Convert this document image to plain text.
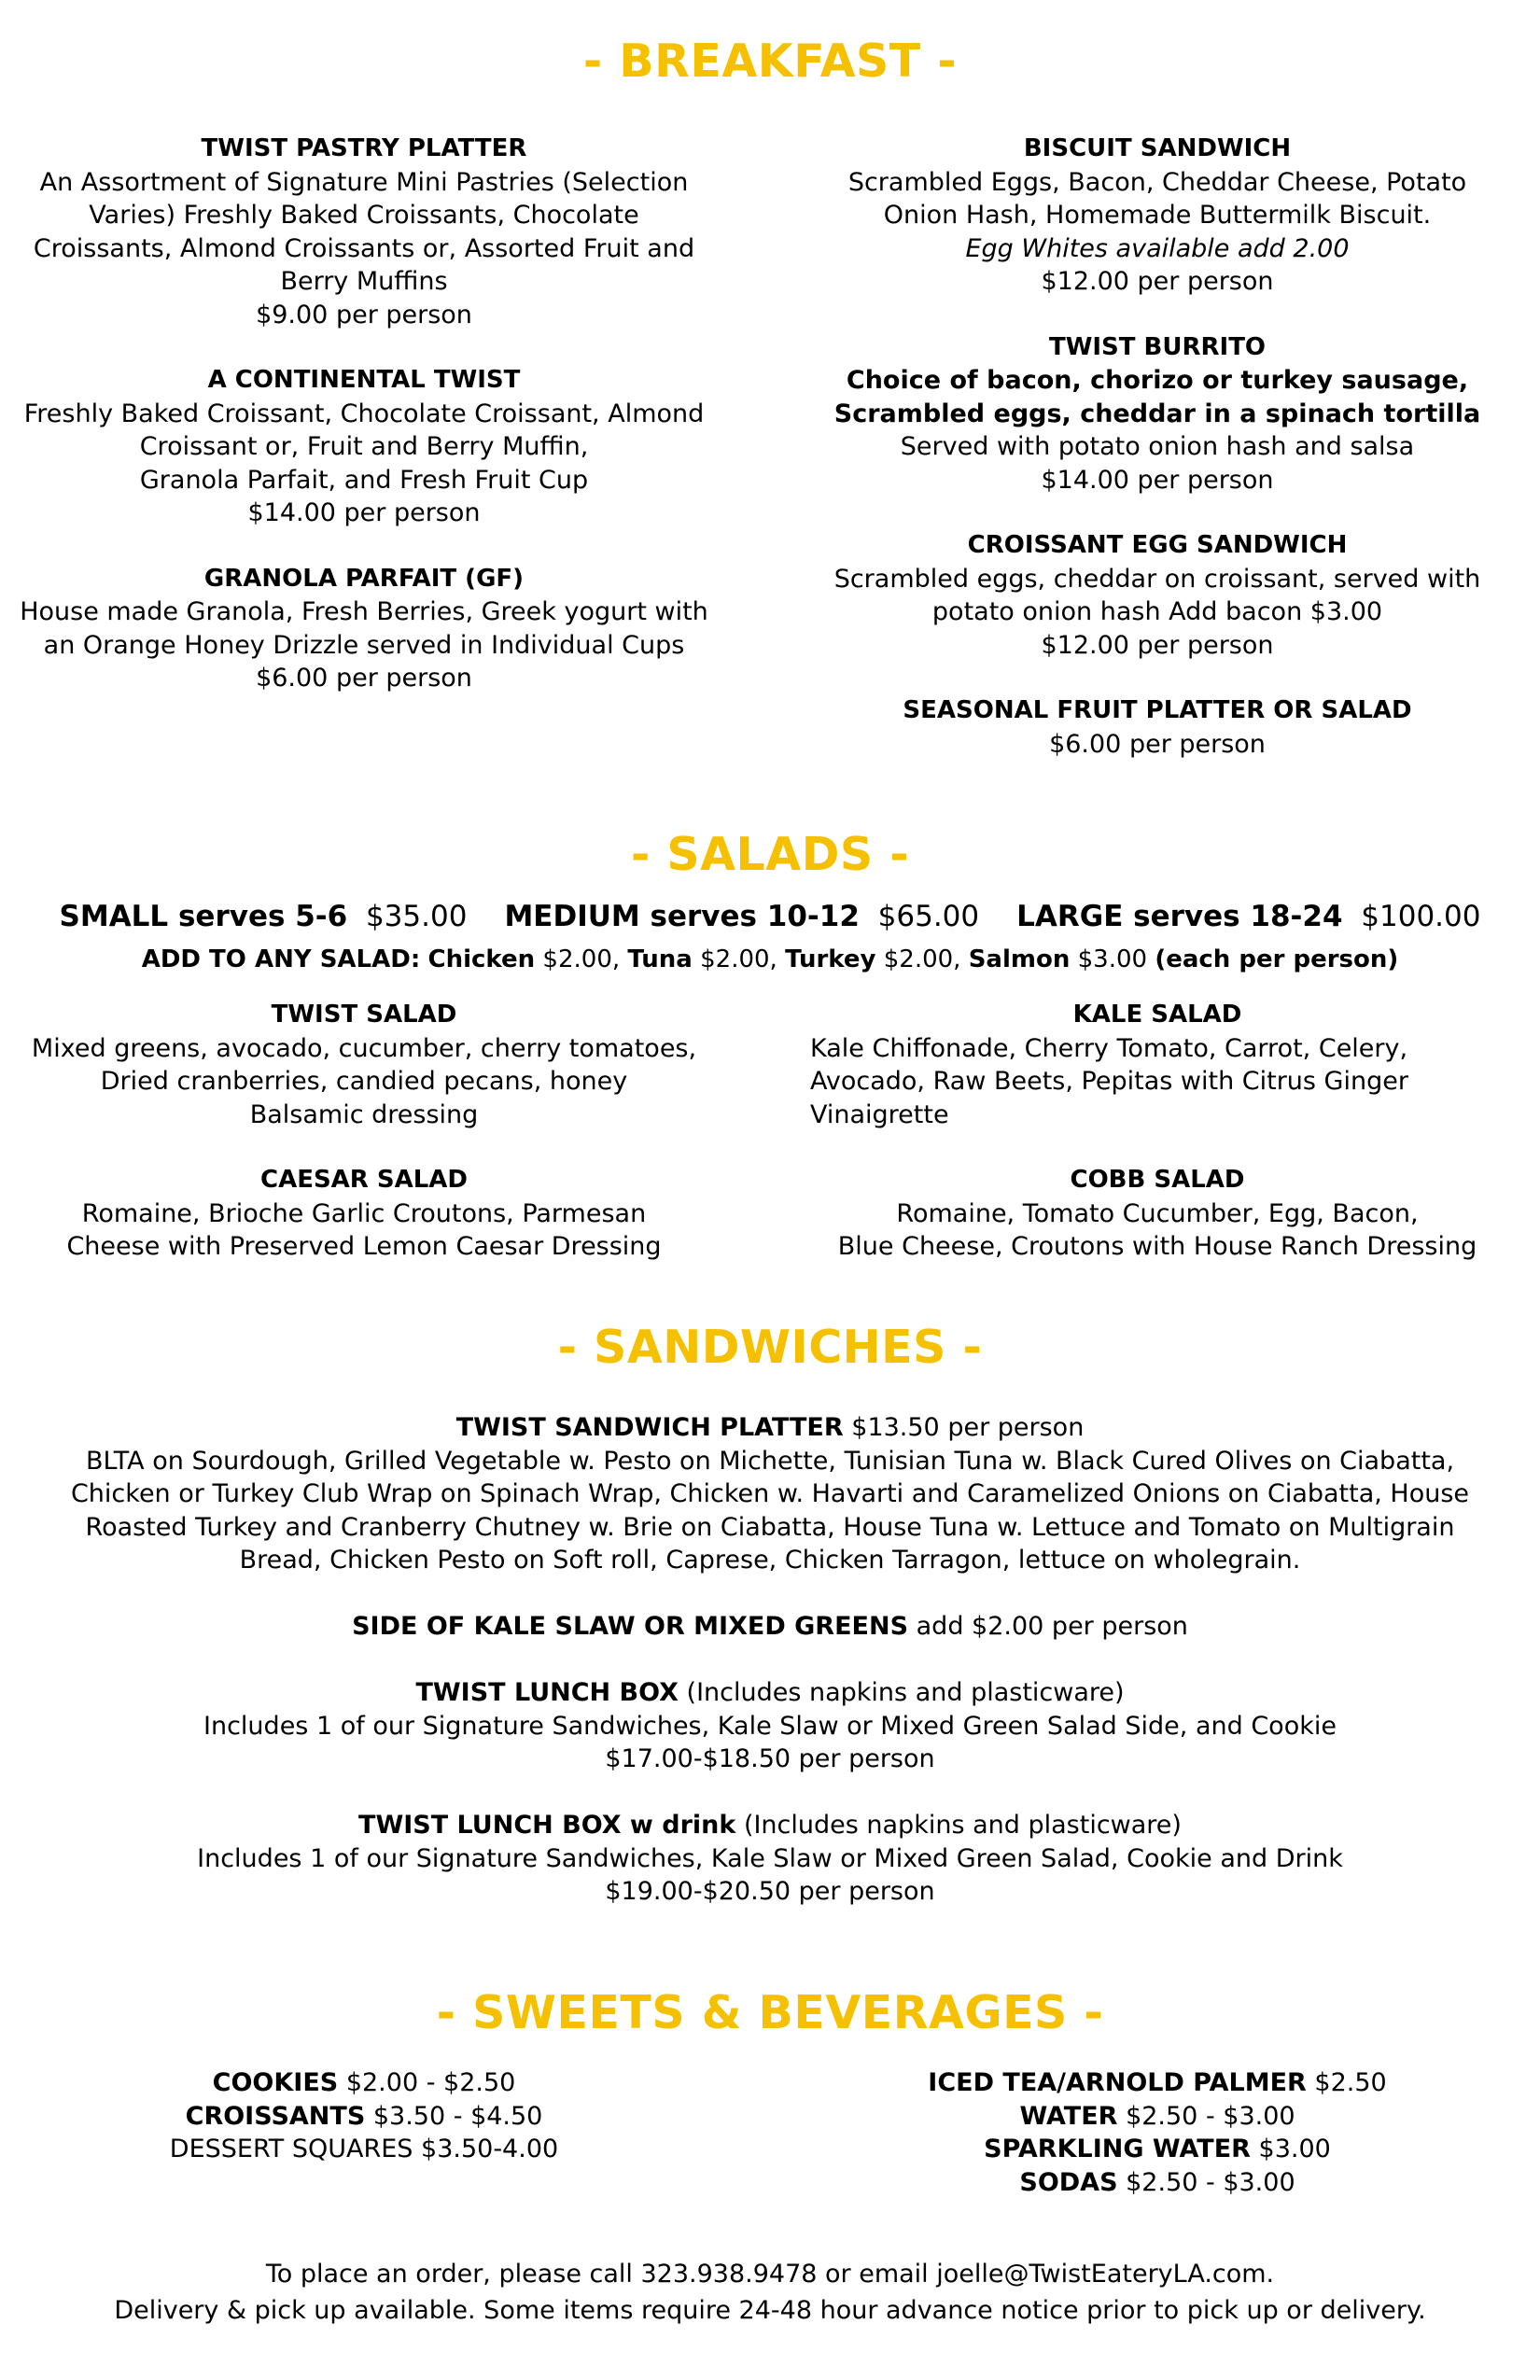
- BREAKFAST -
TWIST PASTRY PLATTER
An Assortment of Signature Mini Pastries (Selection
Varies) Freshly Baked Croissants, Chocolate
Croissants, Almond Croissants or, Assorted Fruit and
Berry Muffins
$9.00 per person
A CONTINENTAL TWIST
Freshly Baked Croissant, Chocolate Croissant, Almond
Croissant or, Fruit and Berry Muffin,
Granola Parfait, and Fresh Fruit Cup
$14.00 per person
GRANOLA PARFAIT (GF)
House made Granola, Fresh Berries, Greek yogurt with
an Orange Honey Drizzle served in Individual Cups
$6.00 per person
BISCUIT SANDWICH
Scrambled Eggs, Bacon, Cheddar Cheese, Potato
Onion Hash, Homemade Buttermilk Biscuit.
Egg Whites available add 2.00
$12.00 per person
TWIST BURRITO
Choice of bacon, chorizo or turkey sausage,
Scrambled eggs, cheddar in a spinach tortilla
Served with potato onion hash and salsa
$14.00 per person
CROISSANT EGG SANDWICH
Scrambled eggs, cheddar on croissant, served with
potato onion hash Add bacon $3.00
$12.00 per person
SEASONAL FRUIT PLATTER OR SALAD
$6.00 per person
- SALADS -
SMALL serves 5-6 $35.00 MEDIUM serves 10-12 $65.00 LARGE serves 18-24 $100.00
ADD TO ANY SALAD: Chicken $2.00, Tuna $2.00, Turkey $2.00, Salmon $3.00 (each per person)
TWIST SALAD
Mixed greens, avocado, cucumber, cherry tomatoes,
Dried cranberries, candied pecans, honey
Balsamic dressing
CAESAR SALAD
Romaine, Brioche Garlic Croutons, Parmesan
Cheese with Preserved Lemon Caesar Dressing
KALE SALAD
Kale Chiffonade, Cherry Tomato, Carrot, Celery,
Avocado, Raw Beets, Pepitas with Citrus Ginger
Vinaigrette
COBB SALAD
Romaine, Tomato Cucumber, Egg, Bacon,
Blue Cheese, Croutons with House Ranch Dressing
- SANDWICHES -
TWIST SANDWICH PLATTER $13.50 per person
BLTA on Sourdough, Grilled Vegetable w. Pesto on Michette, Tunisian Tuna w. Black Cured Olives on Ciabatta,
Chicken or Turkey Club Wrap on Spinach Wrap, Chicken w. Havarti and Caramelized Onions on Ciabatta, House
Roasted Turkey and Cranberry Chutney w. Brie on Ciabatta, House Tuna w. Lettuce and Tomato on Multigrain
Bread, Chicken Pesto on Soft roll, Caprese, Chicken Tarragon, lettuce on wholegrain.
SIDE OF KALE SLAW OR MIXED GREENS add $2.00 per person
TWIST LUNCH BOX (Includes napkins and plasticware)
Includes 1 of our Signature Sandwiches, Kale Slaw or Mixed Green Salad Side, and Cookie
$17.00-$18.50 per person
TWIST LUNCH BOX w drink (Includes napkins and plasticware)
Includes 1 of our Signature Sandwiches, Kale Slaw or Mixed Green Salad, Cookie and Drink
$19.00-$20.50 per person
- SWEETS & BEVERAGES -
COOKIES $2.00 - $2.50
CROISSANTS $3.50 - $4.50
DESSERT SQUARES $3.50-4.00
ICED TEA/ARNOLD PALMER $2.50
WATER $2.50 - $3.00
SPARKLING WATER $3.00
SODAS $2.50 - $3.00
To place an order, please call 323.938.9478 or email joelle@TwistEateryLA.com.
Delivery & pick up available. Some items require 24-48 hour advance notice prior to pick up or delivery.
